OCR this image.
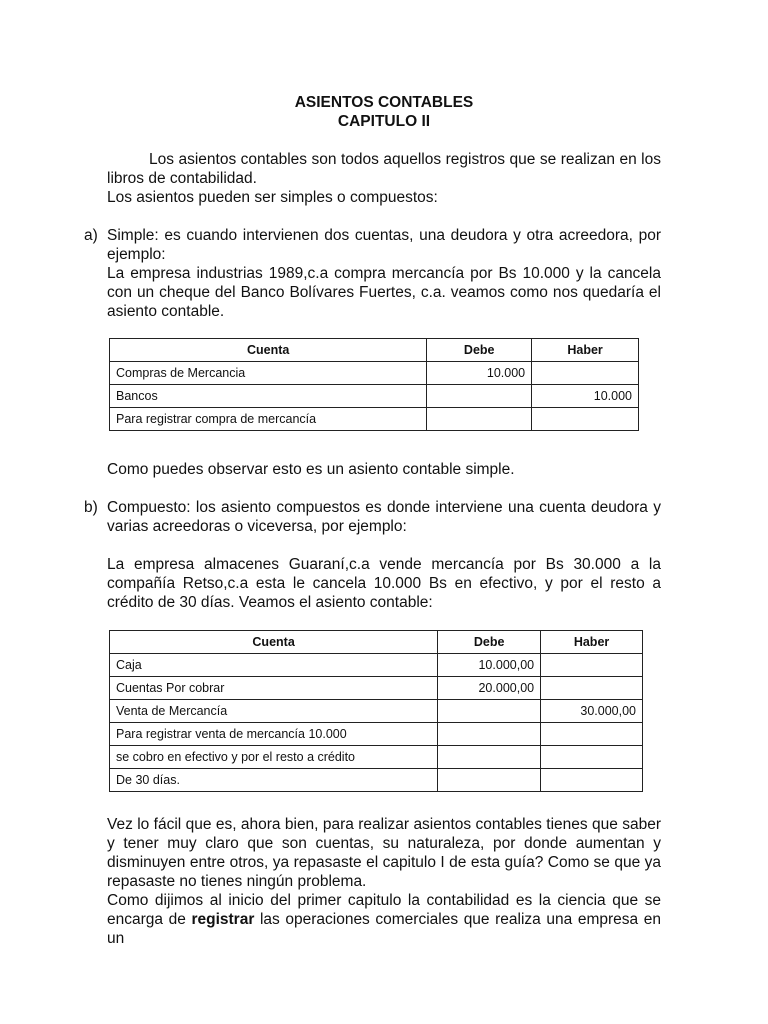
ASIENTOS CONTABLES
CAPITULO II
Los asientos contables son todos aquellos registros que se realizan en los libros de contabilidad.
Los asientos pueden ser simples o compuestos:
a) Simple: es cuando intervienen dos cuentas, una deudora y otra acreedora, por ejemplo:
La empresa industrias 1989,c.a compra mercancía por Bs 10.000 y la cancela con un cheque del Banco Bolívares Fuertes, c.a. veamos como nos quedaría el asiento contable.
Cuenta	Debe	Haber
Compras de Mercancia	10.000	
Bancos		10.000
Para registrar compra de mercancía		
Como puedes observar esto es un asiento contable simple.
b) Compuesto: los asiento compuestos es donde interviene una cuenta deudora y varias acreedoras o viceversa, por ejemplo:
La empresa almacenes Guaraní,c.a vende mercancía por Bs 30.000 a la compañía Retso,c.a esta le cancela 10.000 Bs en efectivo, y por el resto a crédito de 30 días. Veamos el asiento contable:
Cuenta	Debe	Haber
Caja	10.000,00	
Cuentas Por cobrar	20.000,00	
Venta de Mercancía		30.000,00
Para registrar venta de mercancía 10.000		
se cobro en efectivo y por el resto a crédito		
De 30 días.		
Vez lo fácil que es, ahora bien, para realizar asientos contables tienes que saber y tener muy claro que son cuentas, su naturaleza, por donde aumentan y disminuyen entre otros, ya repasaste el capitulo I de esta guía? Como se que ya repasaste no tienes ningún problema.
Como dijimos al inicio del primer capitulo la contabilidad es la ciencia que se encarga de registrar las operaciones comerciales que realiza una empresa en un
